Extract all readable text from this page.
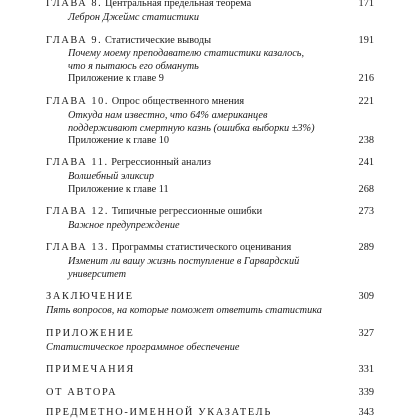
ГЛАВА 8. Центральная предельная теорема	171
Леброн Джеймс статистики
ГЛАВА 9. Статистические выводы	191
Почему моему преподавателю статистики казалось,
что я пытаюсь его обмануть
Приложение к главе 9	216
ГЛАВА 10. Опрос общественного мнения	221
Откуда нам известно, что 64% американцев
поддерживают смертную казнь (ошибка выборки ±3%)
Приложение к главе 10	238
ГЛАВА 11. Регрессионный анализ	241
Волшебный эликсир
Приложение к главе 11	268
ГЛАВА 12. Типичные регрессионные ошибки	273
Важное предупреждение
ГЛАВА 13. Программы статистического оценивания	289
Изменит ли вашу жизнь поступление в Гарвардский
университет
ЗАКЛЮЧЕНИЕ	309
Пять вопросов, на которые поможет ответить статистика
ПРИЛОЖЕНИЕ	327
Статистическое программное обеспечение
ПРИМЕЧАНИЯ	331
ОТ АВТОРА	339
ПРЕДМЕТНО-ИМЕННОЙ УКАЗАТЕЛЬ	343
